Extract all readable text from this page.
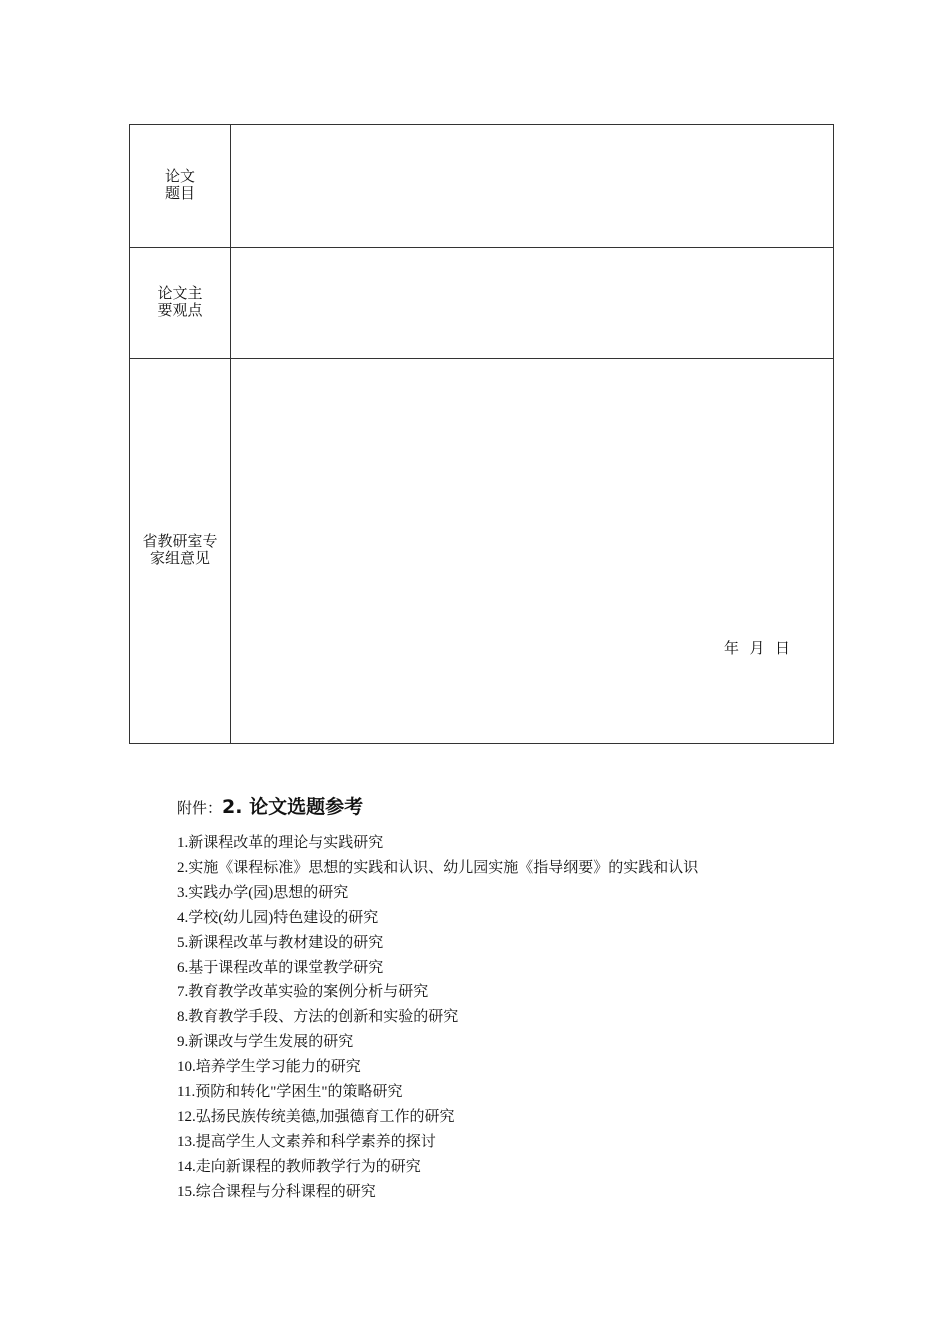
论文题目	
论文主要观点	
省教研室专家组意见	年  月  日
附件： 2. 论文选题参考
1.新课程改革的理论与实践研究
2.实施《课程标准》思想的实践和认识、幼儿园实施《指导纲要》的实践和认识
3.实践办学(园)思想的研究
4.学校(幼儿园)特色建设的研究
5.新课程改革与教材建设的研究
6.基于课程改革的课堂教学研究
7.教育教学改革实验的案例分析与研究
8.教育教学手段、方法的创新和实验的研究
9.新课改与学生发展的研究
10.培养学生学习能力的研究
11.预防和转化"学困生"的策略研究
12.弘扬民族传统美德,加强德育工作的研究
13.提高学生人文素养和科学素养的探讨
14.走向新课程的教师教学行为的研究
15.综合课程与分科课程的研究
